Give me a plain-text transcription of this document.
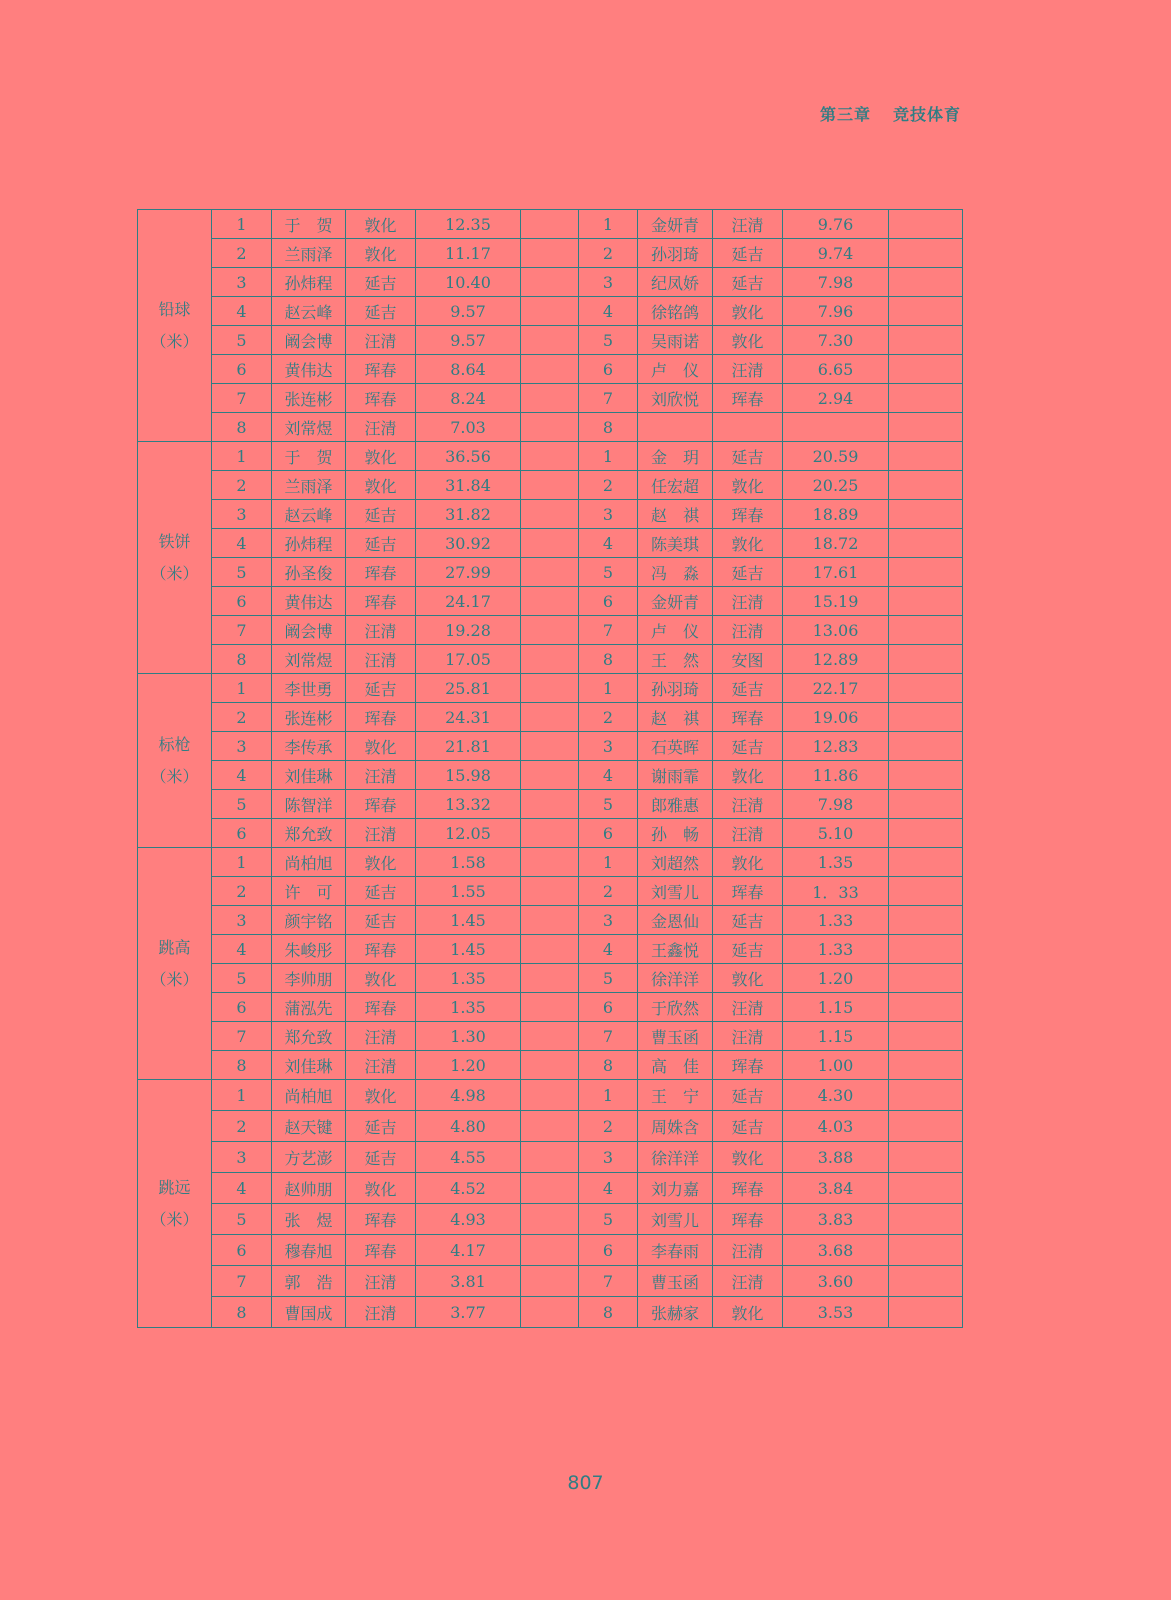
第三章 竞技体育
铅球
（米）	1	于　贺	敦化	12.35		1	金妍青	汪清	9.76	
	2	兰雨泽	敦化	11.17		2	孙羽琦	延吉	9.74	
	3	孙炜程	延吉	10.40		3	纪凤娇	延吉	7.98	
	4	赵云峰	延吉	9.57		4	徐铭鸽	敦化	7.96	
	5	阚会博	汪清	9.57		5	吴雨诺	敦化	7.30	
	6	黄伟达	珲春	8.64		6	卢　仪	汪清	6.65	
	7	张连彬	珲春	8.24		7	刘欣悦	珲春	2.94	
	8	刘常煜	汪清	7.03		8				

铁饼
（米）	1	于　贺	敦化	36.56		1	金　玥	延吉	20.59	
	2	兰雨泽	敦化	31.84		2	任宏超	敦化	20.25	
	3	赵云峰	延吉	31.82		3	赵　祺	珲春	18.89	
	4	孙炜程	延吉	30.92		4	陈美琪	敦化	18.72	
	5	孙圣俊	珲春	27.99		5	冯　淼	延吉	17.61	
	6	黄伟达	珲春	24.17		6	金妍青	汪清	15.19	
	7	阚会博	汪清	19.28		7	卢　仪	汪清	13.06	
	8	刘常煜	汪清	17.05		8	王　然	安图	12.89	

标枪
（米）	1	李世勇	延吉	25.81		1	孙羽琦	延吉	22.17	
	2	张连彬	珲春	24.31		2	赵　祺	珲春	19.06	
	3	李传承	敦化	21.81		3	石英晖	延吉	12.83	
	4	刘佳琳	汪清	15.98		4	谢雨霏	敦化	11.86	
	5	陈智洋	珲春	13.32		5	郎雅惠	汪清	7.98	
	6	郑允致	汪清	12.05		6	孙　畅	汪清	5.10	

跳高
（米）	1	尚柏旭	敦化	1.58		1	刘超然	敦化	1.35	
	2	许　可	延吉	1.55		2	刘雪儿	珲春	1．33	
	3	颜宇铭	延吉	1.45		3	金恩仙	延吉	1.33	
	4	朱峻彤	珲春	1.45		4	王鑫悦	延吉	1.33	
	5	李帅朋	敦化	1.35		5	徐洋洋	敦化	1.20	
	6	蒲泓先	珲春	1.35		6	于欣然	汪清	1.15	
	7	郑允致	汪清	1.30		7	曹玉函	汪清	1.15	
	8	刘佳琳	汪清	1.20		8	高　佳	珲春	1.00	

跳远
（米）	1	尚柏旭	敦化	4.98		1	王　宁	延吉	4.30	
	2	赵天键	延吉	4.80		2	周姝含	延吉	4.03	
	3	方艺澎	延吉	4.55		3	徐洋洋	敦化	3.88	
	4	赵帅朋	敦化	4.52		4	刘力嘉	珲春	3.84	
	5	张　煜	珲春	4.93		5	刘雪儿	珲春	3.83	
	6	穆春旭	珲春	4.17		6	李春雨	汪清	3.68	
	7	郭　浩	汪清	3.81		7	曹玉函	汪清	3.60	
	8	曹国成	汪清	3.77		8	张赫家	敦化	3.53	
807
